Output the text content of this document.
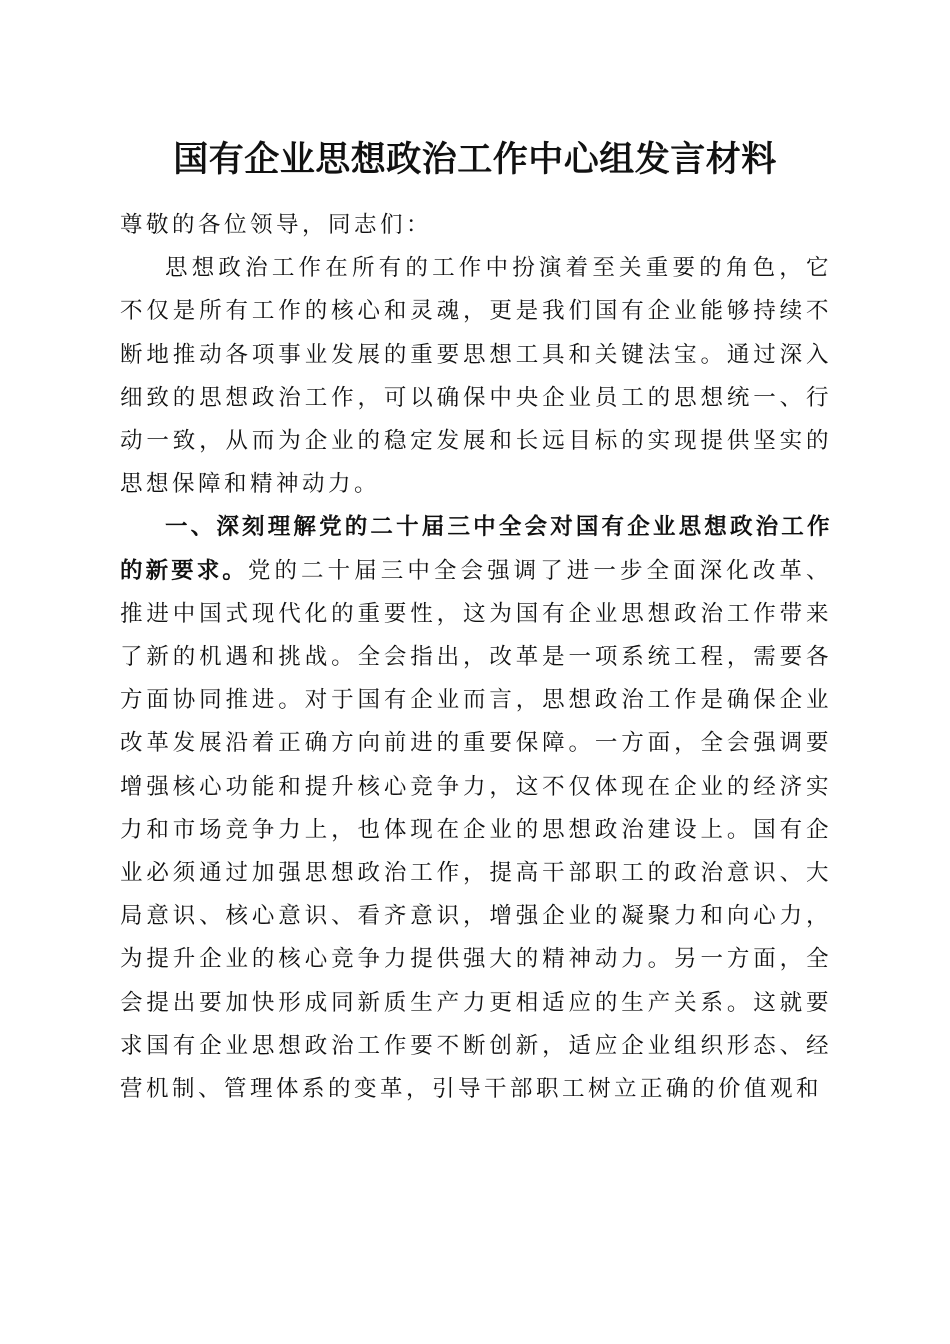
国有企业思想政治工作中心组发言材料

尊敬的各位领导，同志们：

思想政治工作在所有的工作中扮演着至关重要的角色，它不仅是所有工作的核心和灵魂，更是我们国有企业能够持续不断地推动各项事业发展的重要思想工具和关键法宝。通过深入细致的思想政治工作，可以确保中央企业员工的思想统一、行动一致，从而为企业的稳定发展和长远目标的实现提供坚实的思想保障和精神动力。

一、深刻理解党的二十届三中全会对国有企业思想政治工作的新要求。党的二十届三中全会强调了进一步全面深化改革、推进中国式现代化的重要性，这为国有企业思想政治工作带来了新的机遇和挑战。全会指出，改革是一项系统工程，需要各方面协同推进。对于国有企业而言，思想政治工作是确保企业改革发展沿着正确方向前进的重要保障。一方面，全会强调要增强核心功能和提升核心竞争力，这不仅体现在企业的经济实力和市场竞争力上，也体现在企业的思想政治建设上。国有企业必须通过加强思想政治工作，提高干部职工的政治意识、大局意识、核心意识、看齐意识，增强企业的凝聚力和向心力，为提升企业的核心竞争力提供强大的精神动力。另一方面，全会提出要加快形成同新质生产力更相适应的生产关系。这就要求国有企业思想政治工作要不断创新，适应企业组织形态、经营机制、管理体系的变革，引导干部职工树立正确的价值观和
